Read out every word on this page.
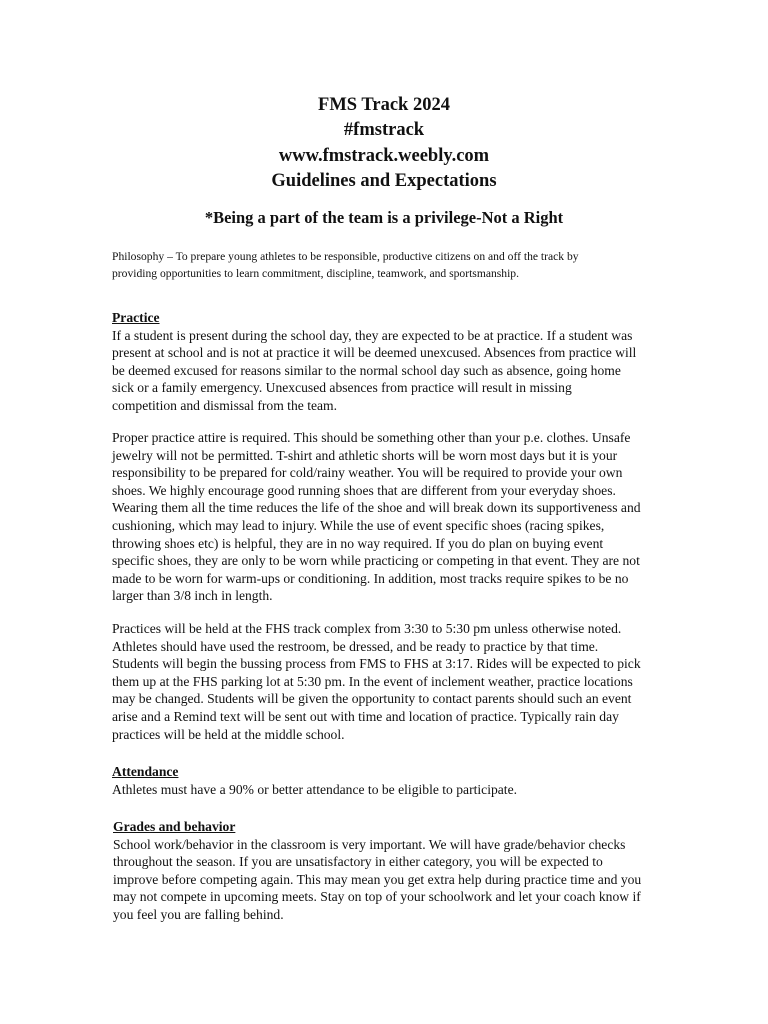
FMS Track 2024
#fmstrack
www.fmstrack.weebly.com
Guidelines and Expectations
*Being a part of the team is a privilege-Not a Right

Philosophy – To prepare young athletes to be responsible, productive citizens on and off the track by
providing opportunities to learn commitment, discipline, teamwork, and sportsmanship.

Practice

If a student is present during the school day, they are expected to be at practice. If a student was
present at school and is not at practice it will be deemed unexcused. Absences from practice will
be deemed excused for reasons similar to the normal school day such as absence, going home
sick or a family emergency. Unexcused absences from practice will result in missing
competition and dismissal from the team.

Proper practice attire is required. This should be something other than your p.e. clothes. Unsafe
jewelry will not be permitted. T-shirt and athletic shorts will be worn most days but it is your
responsibility to be prepared for cold/rainy weather. You will be required to provide your own
shoes. We highly encourage good running shoes that are different from your everyday shoes.
Wearing them all the time reduces the life of the shoe and will break down its supportiveness and
cushioning, which may lead to injury. While the use of event specific shoes (racing spikes,
throwing shoes etc) is helpful, they are in no way required. If you do plan on buying event
specific shoes, they are only to be worn while practicing or competing in that event. They are not
made to be worn for warm-ups or conditioning. In addition, most tracks require spikes to be no
larger than 3/8 inch in length.

Practices will be held at the FHS track complex from 3:30 to 5:30 pm unless otherwise noted.
Athletes should have used the restroom, be dressed, and be ready to practice by that time.
Students will begin the bussing process from FMS to FHS at 3:17. Rides will be expected to pick
them up at the FHS parking lot at 5:30 pm. In the event of inclement weather, practice locations
may be changed. Students will be given the opportunity to contact parents should such an event
arise and a Remind text will be sent out with time and location of practice. Typically rain day
practices will be held at the middle school.

Attendance

Athletes must have a 90% or better attendance to be eligible to participate.

Grades and behavior

School work/behavior in the classroom is very important. We will have grade/behavior checks
throughout the season. If you are unsatisfactory in either category, you will be expected to
improve before competing again. This may mean you get extra help during practice time and you
may not compete in upcoming meets. Stay on top of your schoolwork and let your coach know if
you feel you are falling behind.
